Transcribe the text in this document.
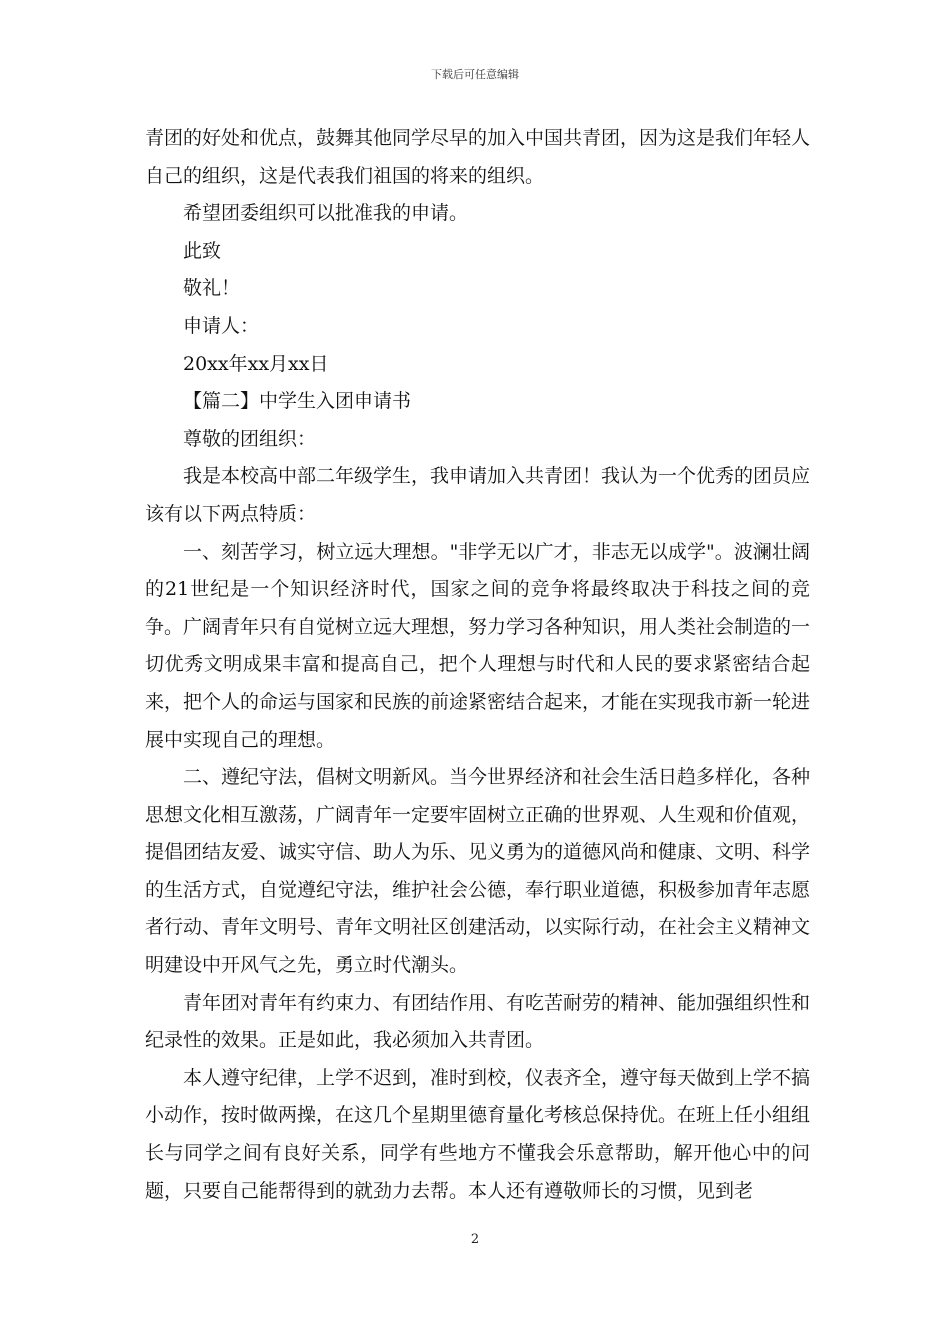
下载后可任意编辑

青团的好处和优点，鼓舞其他同学尽早的加入中国共青团，因为这是我们年轻人自己的组织，这是代表我们祖国的将来的组织。

希望团委组织可以批准我的申请。

此致

敬礼！

申请人：

20xx年xx月xx日

【篇二】中学生入团申请书

尊敬的团组织：

我是本校高中部二年级学生，我申请加入共青团！我认为一个优秀的团员应该有以下两点特质：

一、刻苦学习，树立远大理想。"非学无以广才，非志无以成学"。波澜壮阔的21世纪是一个知识经济时代，国家之间的竞争将最终取决于科技之间的竞争。广阔青年只有自觉树立远大理想，努力学习各种知识，用人类社会制造的一切优秀文明成果丰富和提高自己，把个人理想与时代和人民的要求紧密结合起来，把个人的命运与国家和民族的前途紧密结合起来，才能在实现我市新一轮进展中实现自己的理想。

二、遵纪守法，倡树文明新风。当今世界经济和社会生活日趋多样化，各种思想文化相互激荡，广阔青年一定要牢固树立正确的世界观、人生观和价值观，提倡团结友爱、诚实守信、助人为乐、见义勇为的道德风尚和健康、文明、科学的生活方式，自觉遵纪守法，维护社会公德，奉行职业道德，积极参加青年志愿者行动、青年文明号、青年文明社区创建活动，以实际行动，在社会主义精神文明建设中开风气之先，勇立时代潮头。

青年团对青年有约束力、有团结作用、有吃苦耐劳的精神、能加强组织性和纪录性的效果。正是如此，我必须加入共青团。

本人遵守纪律，上学不迟到，准时到校，仪表齐全，遵守每天做到上学不搞小动作，按时做两操，在这几个星期里德育量化考核总保持优。在班上任小组组长与同学之间有良好关系，同学有些地方不懂我会乐意帮助，解开他心中的问题，只要自己能帮得到的就劲力去帮。本人还有遵敬师长的习惯，见到老

2
